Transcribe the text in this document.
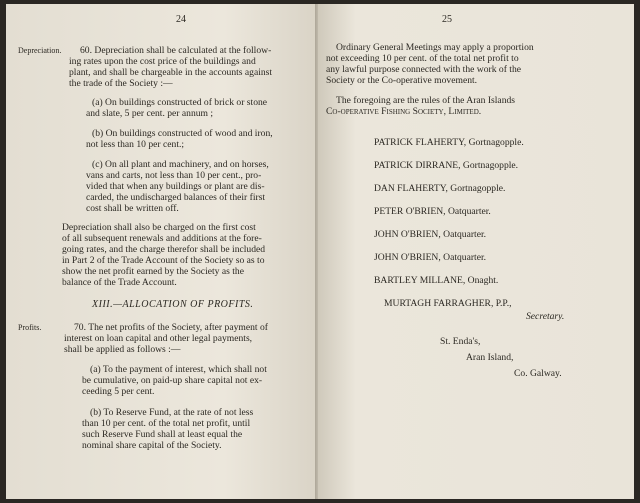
24
Depreciation. 60. Depreciation shall be calculated at the follow-
ing rates upon the cost price of the buildings and
plant, and shall be chargeable in the accounts against
the trade of the Society :—
(a) On buildings constructed of brick or stone
and slate, 5 per cent. per annum ;
(b) On buildings constructed of wood and iron,
not less than 10 per cent.;
(c) On all plant and machinery, and on horses,
vans and carts, not less than 10 per cent., pro-
vided that when any buildings or plant are dis-
carded, the undischarged balances of their first
cost shall be written off.
Depreciation shall also be charged on the first cost
of all subsequent renewals and additions at the fore-
going rates, and the charge therefor shall be included
in Part 2 of the Trade Account of the Society so as to
show the net profit earned by the Society as the
balance of the Trade Account.
XIII.—ALLOCATION OF PROFITS.
Profits.	70. The net profits of the Society, after payment of
interest on loan capital and other legal payments,
shall be applied as follows :—
(a) To the payment of interest, which shall not
be cumulative, on paid-up share capital not ex-
ceeding 5 per cent.
(b) To Reserve Fund, at the rate of not less
than 10 per cent. of the total net profit, until
such Reserve Fund shall at least equal the
nominal share capital of the Society.
25
Ordinary General Meetings may apply a proportion
not exceeding 10 per cent. of the total net profit to
any lawful purpose connected with the work of the
Society or the Co-operative movement.
The foregoing are the rules of the Aran Islands
Co-operative Fishing Society, Limited.
PATRICK FLAHERTY, Gortnagopple.
PATRICK DIRRANE, Gortnagopple.
DAN FLAHERTY, Gortnagopple.
PETER O'BRIEN, Oatquarter.
JOHN O'BRIEN, Oatquarter.
JOHN O'BRIEN, Oatquarter.
BARTLEY MILLANE, Onaght.
MURTAGH FARRAGHER, P.P.,
Secretary.
St. Enda's,
Aran Island,
Co. Galway.
